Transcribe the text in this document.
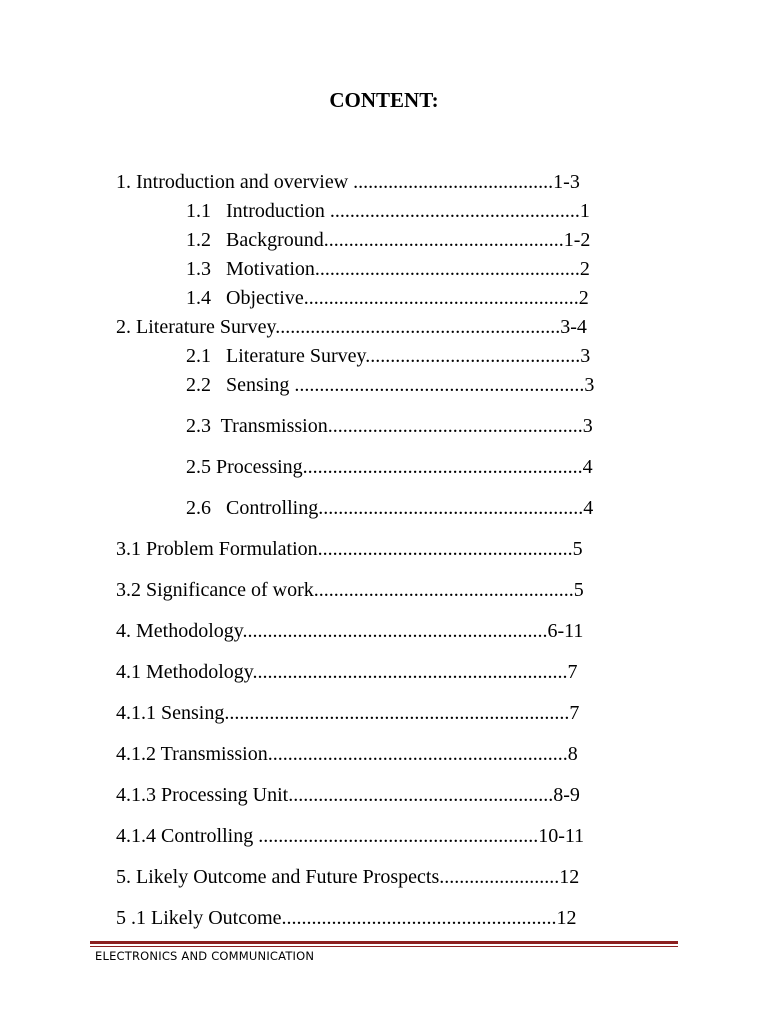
CONTENT:
1. Introduction and overview ........................................1-3
1.1   Introduction ..................................................1
1.2   Background................................................1-2
1.3   Motivation.....................................................2
1.4   Objective.......................................................2
2. Literature Survey.........................................................3-4
2.1   Literature Survey...........................................3
2.2   Sensing ..........................................................3
2.3  Transmission...................................................3
2.5 Processing........................................................4
2.6   Controlling.....................................................4
3.1 Problem Formulation...................................................5
3.2 Significance of work....................................................5
4. Methodology.............................................................6-11
4.1 Methodology...............................................................7
4.1.1 Sensing.....................................................................7
4.1.2 Transmission............................................................8
4.1.3 Processing Unit.....................................................8-9
4.1.4 Controlling ........................................................10-11
5. Likely Outcome and Future Prospects........................12
5 .1 Likely Outcome.......................................................12
ELECTRONICS AND COMMUNICATION
